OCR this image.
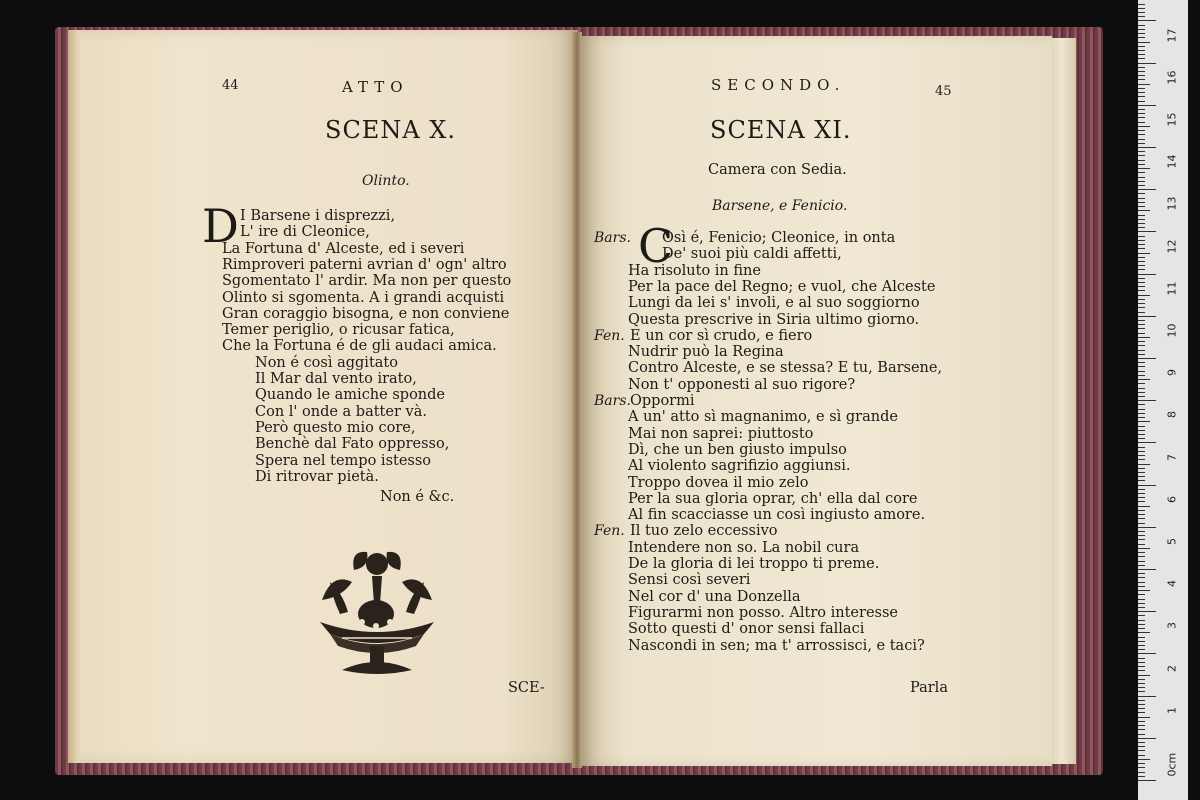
44	ATTO
SCENA X.
Olinto.
D I Barsene i disprezzi,
L' ire di Cleonice,
La Fortuna d' Alceste, ed i severi
Rimproveri paterni avrian d' ogn' altro
Sgomentato l' ardir. Ma non per questo
Olinto si sgomenta. A i grandi acquisti
Gran coraggio bisogna, e non conviene
Temer periglio, o ricusar fatica,
Che la Fortuna é de gli audaci amica.
Non é così aggitato
Il Mar dal vento irato,
Quando le amiche sponde
Con l' onde a batter và.
Però questo mio core,
Benchè dal Fato oppresso,
Spera nel tempo istesso
Di ritrovar pietà.
Non é &c.
SCE-
SECONDO.	45
SCENA XI.
Camera con Sedia.
Barsene, e Fenicio.
C
Bars. Osì é, Fenicio; Cleonice, in onta
De' suoi più caldi affetti,
Ha risoluto in fine
Per la pace del Regno; e vuol, che Alceste
Lungi da lei s' involi, e al suo soggiorno
Questa prescrive in Siria ultimo giorno.
Fen. E un cor sì crudo, e fiero
Nudrir può la Regina
Contro Alceste, e se stessa? E tu, Barsene,
Non t' opponesti al suo rigore?
Bars. Oppormi
A un' atto sì magnanimo, e sì grande
Mai non saprei: piuttosto
Dì, che un ben giusto impulso
Al violento sagrifizio aggiunsi.
Troppo dovea il mio zelo
Per la sua gloria oprar, ch' ella dal core
Al fin scacciasse un così ingiusto amore.
Fen. Il tuo zelo eccessivo
Intendere non so. La nobil cura
De la gloria di lei troppo ti preme.
Sensi così severi
Nel cor d' una Donzella
Figurarmi non posso. Altro interesse
Sotto questi d' onor sensi fallaci
Nascondi in sen; ma t' arrossisci, e taci?
Parla
0cm
1
2
3
4
5
6
7
8
9
10
11
12
13
14
15
16
17
